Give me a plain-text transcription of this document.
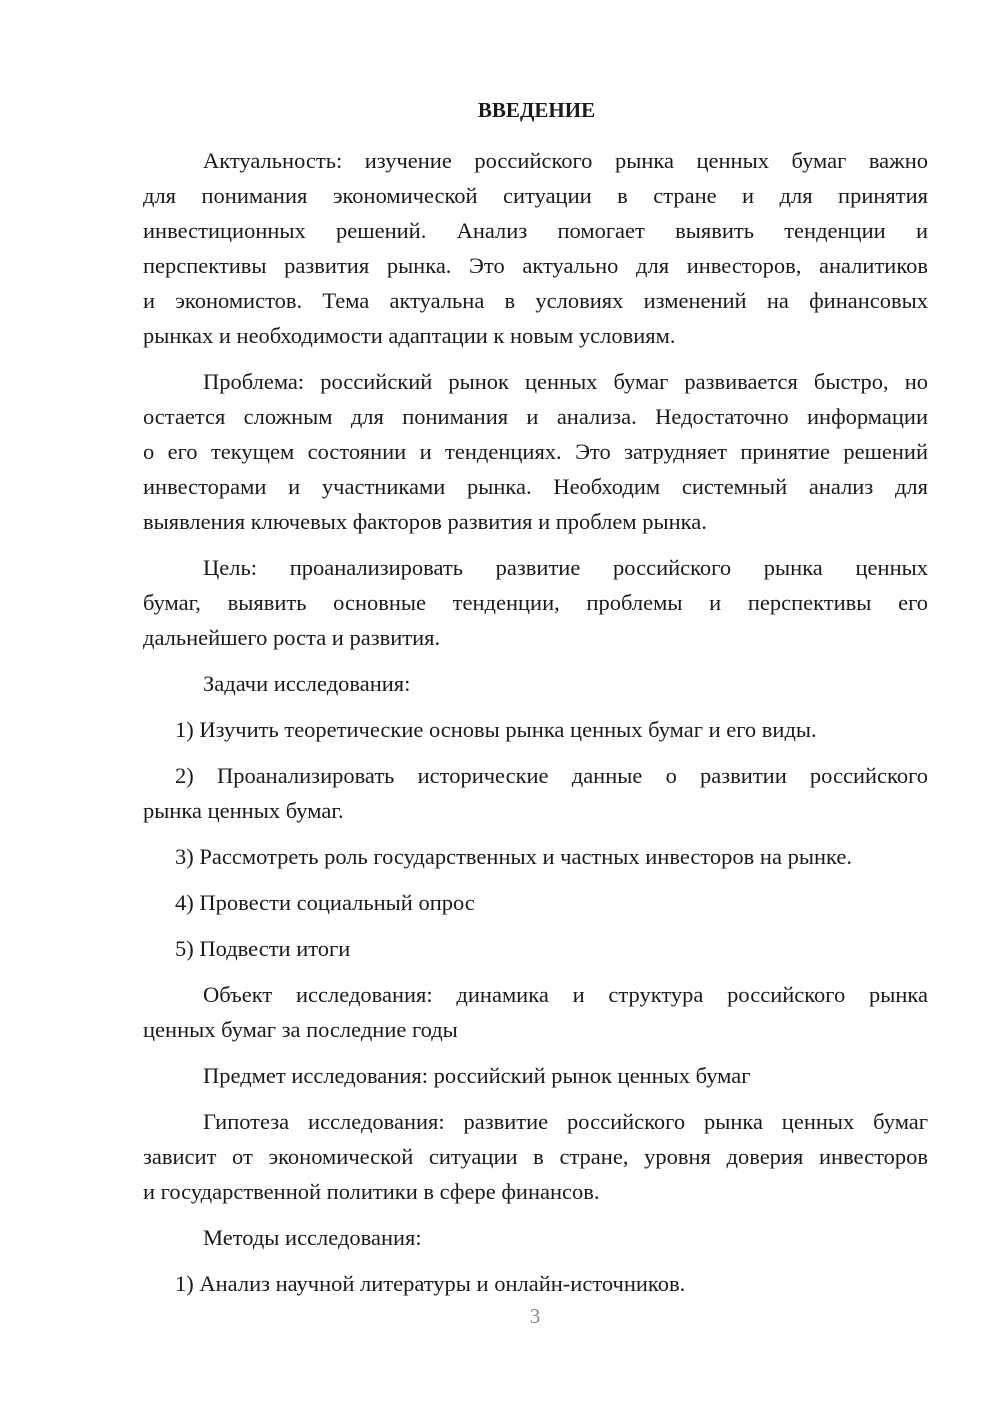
ВВЕДЕНИЕ
Актуальность: изучение российского рынка ценных бумаг важно
для понимания экономической ситуации в стране и для принятия
инвестиционных решений. Анализ помогает выявить тенденции и
перспективы развития рынка. Это актуально для инвесторов, аналитиков
и экономистов. Тема актуальна в условиях изменений на финансовых
рынках и необходимости адаптации к новым условиям.
Проблема: российский рынок ценных бумаг развивается быстро, но
остается сложным для понимания и анализа. Недостаточно информации
о его текущем состоянии и тенденциях. Это затрудняет принятие решений
инвесторами и участниками рынка. Необходим системный анализ для
выявления ключевых факторов развития и проблем рынка.
Цель: проанализировать развитие российского рынка ценных
бумаг, выявить основные тенденции, проблемы и перспективы его
дальнейшего роста и развития.
Задачи исследования:
1) Изучить теоретические основы рынка ценных бумаг и его виды.
2) Проанализировать исторические данные о развитии российского
рынка ценных бумаг.
3) Рассмотреть роль государственных и частных инвесторов на рынке.
4) Провести социальный опрос
5) Подвести итоги
Объект исследования: динамика и структура российского рынка
ценных бумаг за последние годы
Предмет исследования: российский рынок ценных бумаг
Гипотеза исследования: развитие российского рынка ценных бумаг
зависит от экономической ситуации в стране, уровня доверия инвесторов
и государственной политики в сфере финансов.
Методы исследования:
1) Анализ научной литературы и онлайн-источников.
3
